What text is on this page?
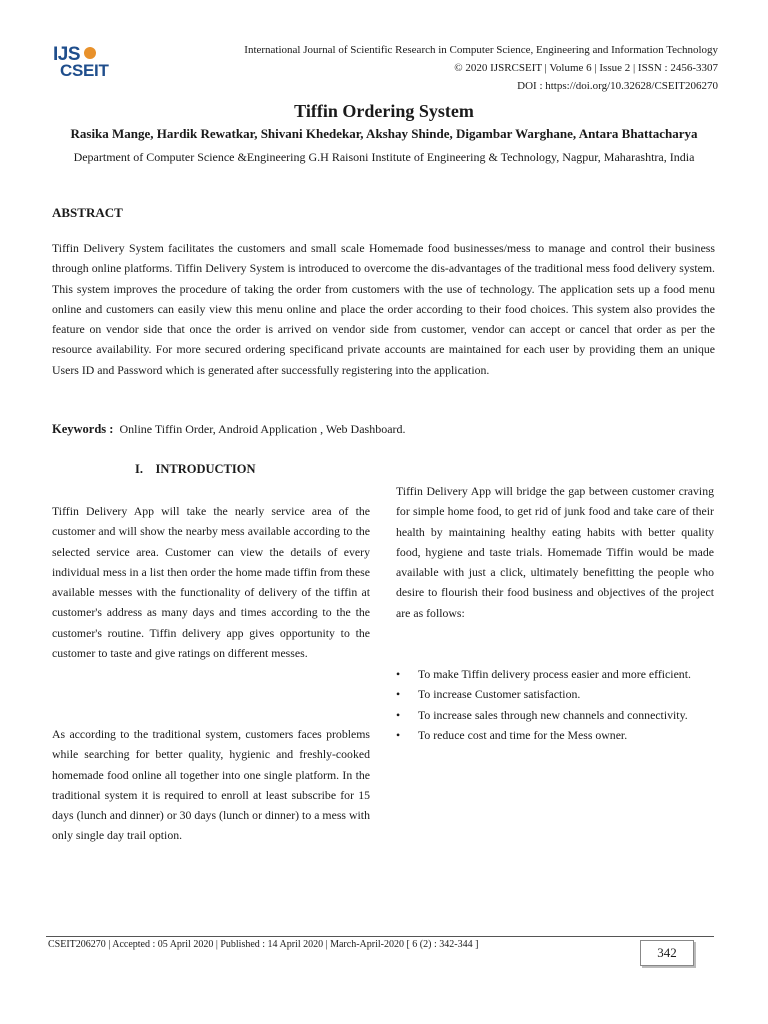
IJS
CSEIT
International Journal of Scientific Research in Computer Science, Engineering and Information Technology
© 2020 IJSRCSEIT | Volume 6 | Issue 2 | ISSN : 2456-3307
DOI : https://doi.org/10.32628/CSEIT206270
Tiffin Ordering System
Rasika Mange, Hardik Rewatkar, Shivani Khedekar, Akshay Shinde, Digambar Warghane, Antara Bhattacharya
Department of Computer Science &Engineering G.H Raisoni Institute of Engineering & Technology, Nagpur, Maharashtra, India
ABSTRACT
Tiffin Delivery System facilitates the customers and small scale Homemade food businesses/mess to manage and control their business through online platforms. Tiffin Delivery System is introduced to overcome the dis-advantages of the traditional mess food delivery system. This system improves the procedure of taking the order from customers with the use of technology. The application sets up a food menu online and customers can easily view this menu online and place the order according to their food choices. This system also provides the feature on vendor side that once the order is arrived on vendor side from customer, vendor can accept or cancel that order as per the resource availability. For more secured ordering specificand private accounts are maintained for each user by providing them an unique Users ID and Password which is generated after successfully registering into the application.
Keywords : Online Tiffin Order, Android Application , Web Dashboard.
I.    INTRODUCTION

Tiffin Delivery App will take the nearly service area of the customer and will show the nearby mess available according to the selected service area. Customer can view the details of every individual mess in a list then order the home made tiffin from these available messes with the functionality of delivery of the tiffin at customer's address as many days and times according to the the customer's routine. Tiffin delivery app gives opportunity to the customer to taste and give ratings on different messes.

As according to the traditional system, customers faces problems while searching for better quality, hygienic and freshly-cooked homemade food online all together into one single platform. In the traditional system it is required to enroll at least subscribe for 15 days (lunch and dinner) or 30 days (lunch or dinner) to a mess with only single day trail option.

Tiffin Delivery App will bridge the gap between customer craving for simple home food, to get rid of junk food and take care of their health by maintaining healthy eating habits with better quality food, hygiene and taste trials. Homemade Tiffin would be made available with just a click, ultimately benefitting the people who desire to flourish their food business and objectives of the project are as follows:

• To make Tiffin delivery process easier and more efficient.
• To increase Customer satisfaction.
• To increase sales through new channels and connectivity.
• To reduce cost and time for the Mess owner.
CSEIT206270 | Accepted : 05 April 2020 | Published : 14 April 2020 | March-April-2020 [ 6 (2) : 342-344 ]
342
